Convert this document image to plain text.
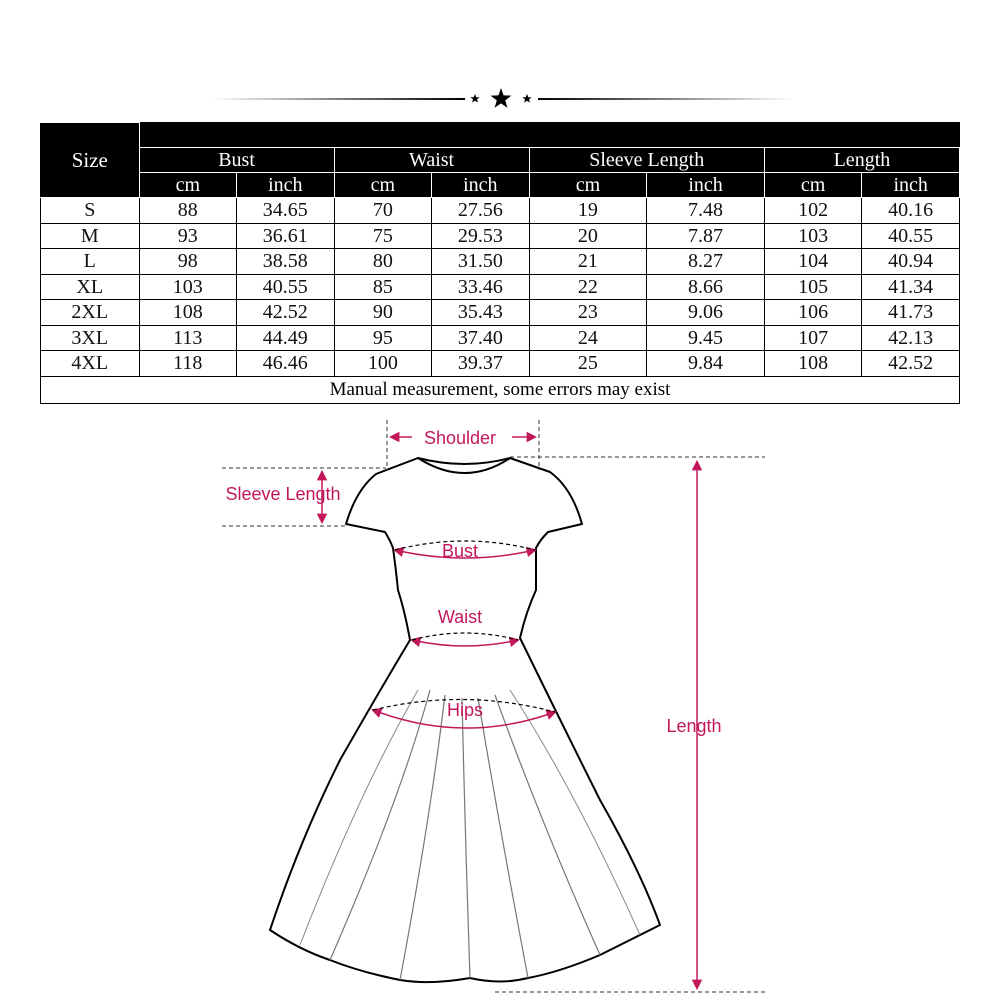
Size								
	Bust		Waist		Sleeve Length		Length	
	cm	inch	cm	inch	cm	inch	cm	inch
S	88	34.65	70	27.56	19	7.48	102	40.16
M	93	36.61	75	29.53	20	7.87	103	40.55
L	98	38.58	80	31.50	21	8.27	104	40.94
XL	103	40.55	85	33.46	22	8.66	105	41.34
2XL	108	42.52	90	35.43	23	9.06	106	41.73
3XL	113	44.49	95	37.40	24	9.45	107	42.13
4XL	118	46.46	100	39.37	25	9.84	108	42.52
Manual measurement, some errors may exist								
Shoulder
Sleeve Length
Bust
Waist
Hips
Length
